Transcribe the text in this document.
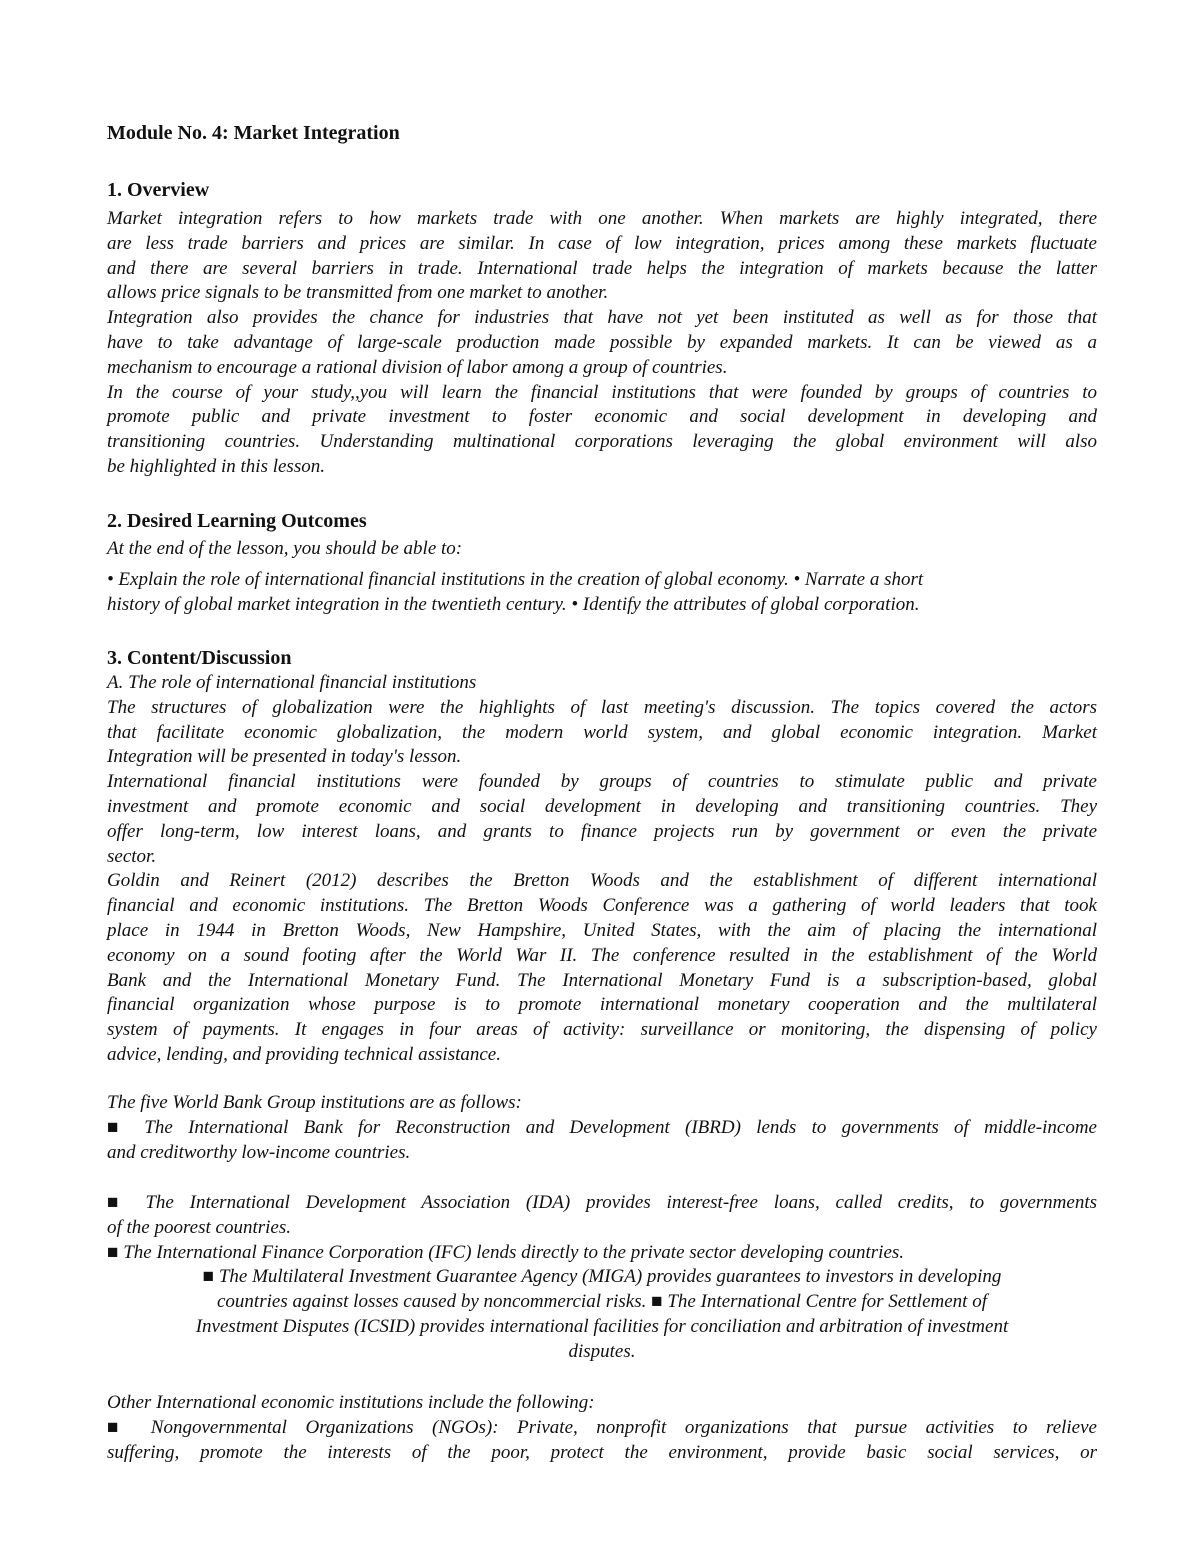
Module No. 4: Market Integration
1. Overview
Market integration refers to how markets trade with one another. When markets are highly integrated, there
are less trade barriers and prices are similar. In case of low integration, prices among these markets fluctuate
and there are several barriers in trade. International trade helps the integration of markets because the latter
allows price signals to be transmitted from one market to another.
Integration also provides the chance for industries that have not yet been instituted as well as for those that
have to take advantage of large-scale production made possible by expanded markets. It can be viewed as a
mechanism to encourage a rational division of labor among a group of countries.
In the course of your study,,you will learn the financial institutions that were founded by groups of countries to
promote public and private investment to foster economic and social development in developing and
transitioning countries. Understanding multinational corporations leveraging the global environment will also
be highlighted in this lesson.
2. Desired Learning Outcomes
At the end of the lesson, you should be able to:
• Explain the role of international financial institutions in the creation of global economy. • Narrate a short
history of global market integration in the twentieth century. • Identify the attributes of global corporation.
3. Content/Discussion
A. The role of international financial institutions
The structures of globalization were the highlights of last meeting's discussion. The topics covered the actors
that facilitate economic globalization, the modern world system, and global economic integration. Market
Integration will be presented in today's lesson.
International financial institutions were founded by groups of countries to stimulate public and private
investment and promote economic and social development in developing and transitioning countries. They
offer long-term, low interest loans, and grants to finance projects run by government or even the private
sector.
Goldin and Reinert (2012) describes the Bretton Woods and the establishment of different international
financial and economic institutions. The Bretton Woods Conference was a gathering of world leaders that took
place in 1944 in Bretton Woods, New Hampshire, United States, with the aim of placing the international
economy on a sound footing after the World War II. The conference resulted in the establishment of the World
Bank and the International Monetary Fund. The International Monetary Fund is a subscription-based, global
financial organization whose purpose is to promote international monetary cooperation and the multilateral
system of payments. It engages in four areas of activity: surveillance or monitoring, the dispensing of policy
advice, lending, and providing technical assistance.
The five World Bank Group institutions are as follows:
■ The International Bank for Reconstruction and Development (IBRD) lends to governments of middle-income
and creditworthy low-income countries.
■ The International Development Association (IDA) provides interest-free loans, called credits, to governments
of the poorest countries.
■ The International Finance Corporation (IFC) lends directly to the private sector developing countries.
■ The Multilateral Investment Guarantee Agency (MIGA) provides guarantees to investors in developing
countries against losses caused by noncommercial risks. ■ The International Centre for Settlement of
Investment Disputes (ICSID) provides international facilities for conciliation and arbitration of investment
disputes.
Other International economic institutions include the following:
■ Nongovernmental Organizations (NGOs): Private, nonprofit organizations that pursue activities to relieve
suffering, promote the interests of the poor, protect the environment, provide basic social services, or
